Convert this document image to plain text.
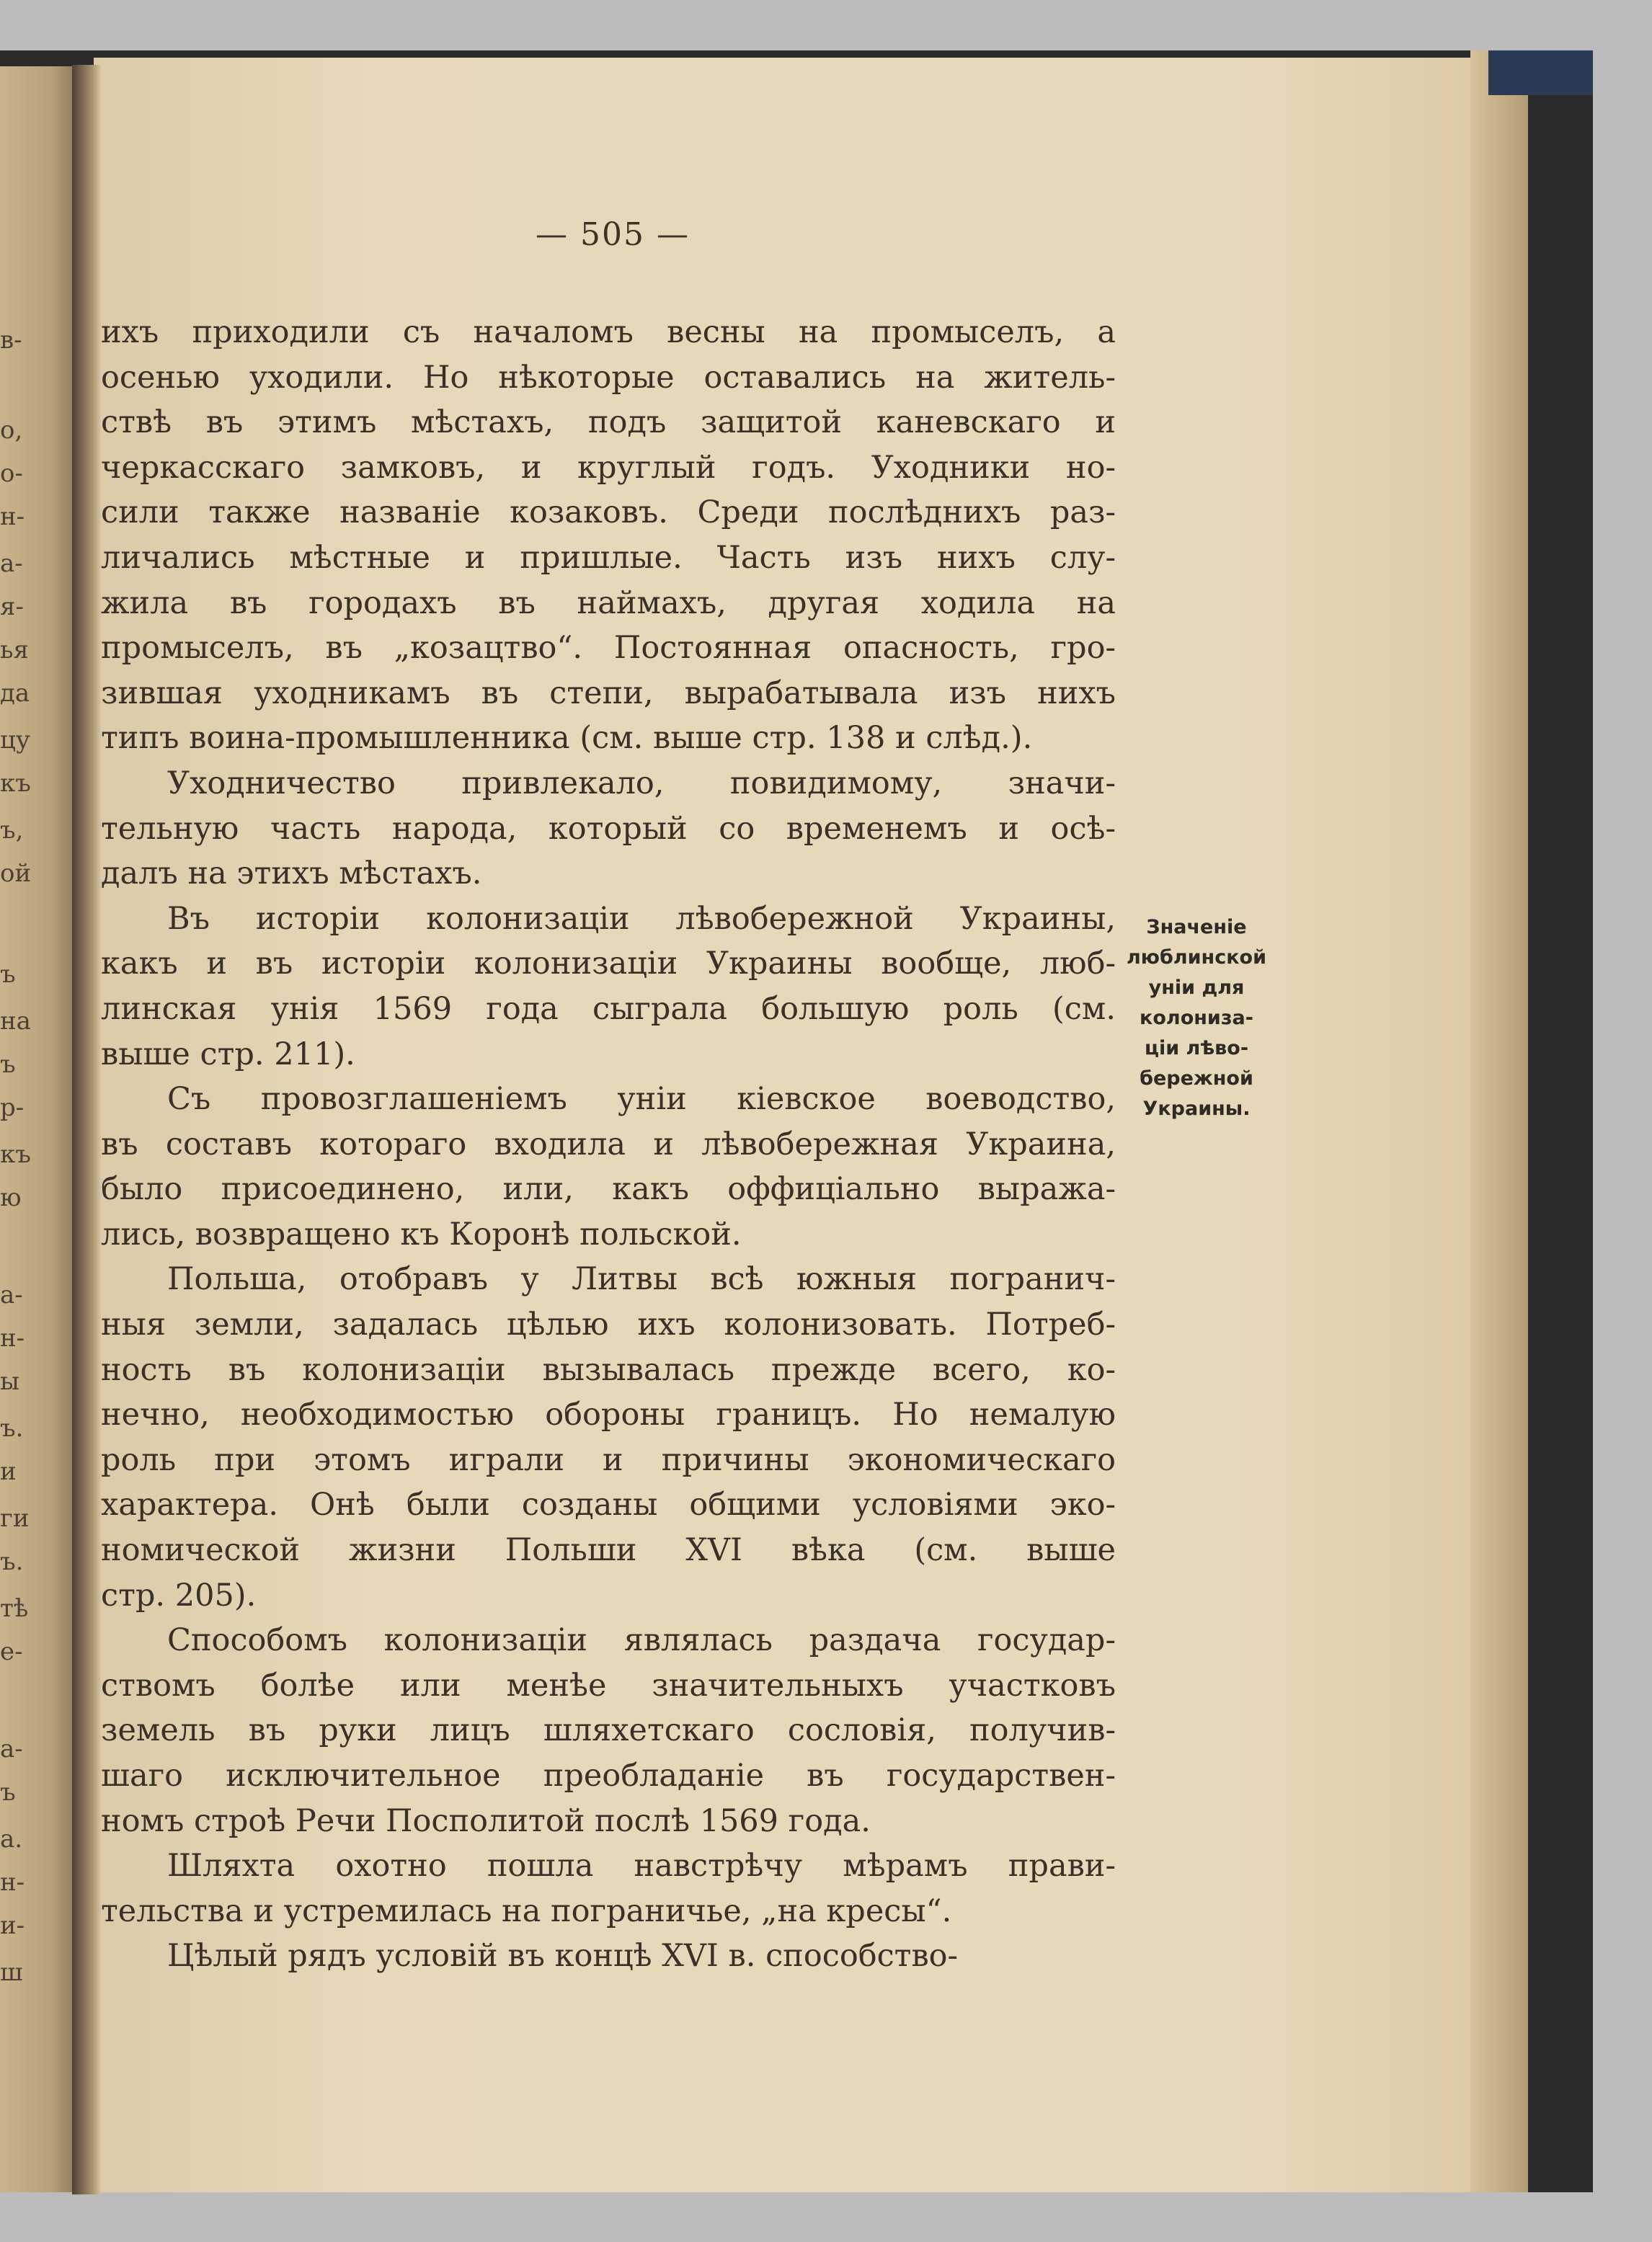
в-
о,
о-
н-
а-
я-
ья
да
цу
къ
ъ,
ой
ъ
на
ъ
р-
къ
ю
а-
н-
ы
ъ.
и
ги
ъ.
тѣ
е-
а-
ъ
а.
н-
и-
ш
— 505 —
ихъ приходили съ началомъ весны на промыселъ, а
осенью уходили. Но нѣкоторые оставались на житель-
ствѣ въ этимъ мѣстахъ, подъ защитой каневскаго и
черкасскаго замковъ, и круглый годъ. Уходники но-
сили также названiе козаковъ. Среди послѣднихъ раз-
личались мѣстные и пришлые. Часть изъ нихъ слу-
жила въ городахъ въ наймахъ, другая ходила на
промыселъ, въ „козацтво“. Постоянная опасность, гро-
зившая уходникамъ въ степи, вырабатывала изъ нихъ
типъ воина-промышленника (см. выше стр. 138 и слѣд.).
Уходничество привлекало, повидимому, значи-
тельную часть народа, который со временемъ и осѣ-
далъ на этихъ мѣстахъ.
Въ исторiи колонизацiи лѣвобережной Украины,
какъ и въ исторiи колонизацiи Украины вообще, люб-
линская унiя 1569 года сыграла большую роль (см.
выше стр. 211).
Съ провозглашенiемъ унiи кiевское воеводство,
въ составъ котораго входила и лѣвобережная Украина,
было присоединено, или, какъ оффицiально выража-
лись, возвращено къ Коронѣ польской.
Польша, отобравъ у Литвы всѣ южныя погранич-
ныя земли, задалась цѣлью ихъ колонизовать. Потреб-
ность въ колонизацiи вызывалась прежде всего, ко-
нечно, необходимостью обороны границъ. Но немалую
роль при этомъ играли и причины экономическаго
характера. Онѣ были созданы общими условiями эко-
номической жизни Польши XVI вѣка (см. выше
стр. 205).
Способомъ колонизацiи являлась раздача государ-
ствомъ болѣе или менѣе значительныхъ участковъ
земель въ руки лицъ шляхетскаго сословiя, получив-
шаго исключительное преобладанiе въ государствен-
номъ строѣ Речи Посполитой послѣ 1569 года.
Шляхта охотно пошла навстрѣчу мѣрамъ прави-
тельства и устремилась на пограничье, „на кресы“.
Цѣлый рядъ условiй въ концѣ XVI в. способство-
Значенiе
люблинской
унiи для
колониза-
цiи лѣво-
бережной
Украины.
